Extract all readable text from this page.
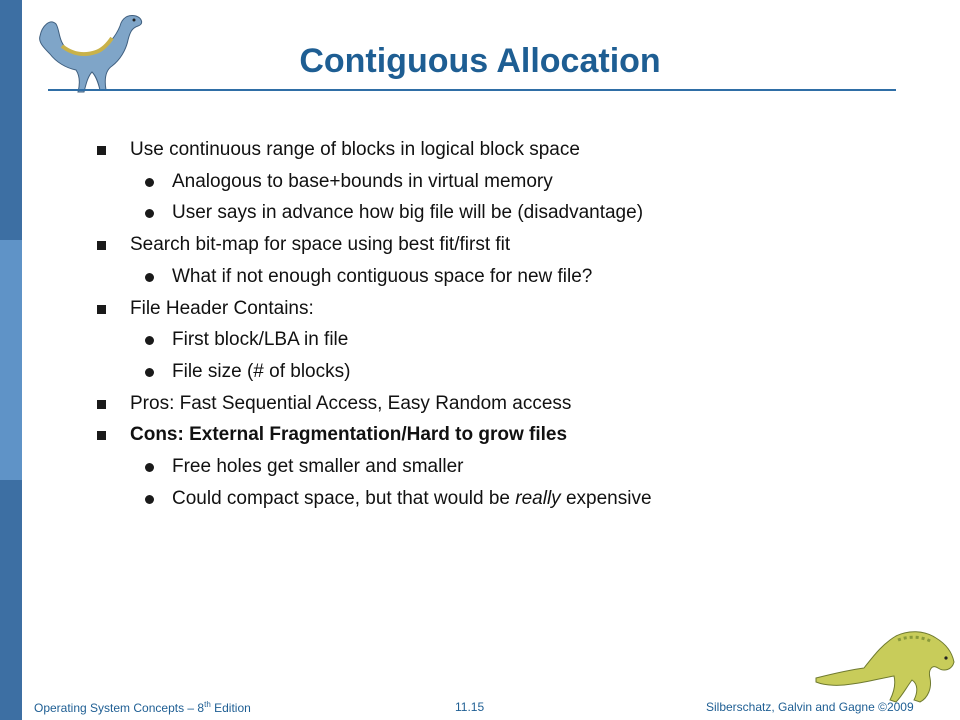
Contiguous Allocation
Use continuous range of blocks in logical block space
Analogous to base+bounds in virtual memory
User says in advance how big file will be (disadvantage)
Search bit-map for space using best fit/first fit
What if not enough contiguous space for new file?
File Header Contains:
First block/LBA in file
File size (# of blocks)
Pros: Fast Sequential Access, Easy Random access
Cons: External Fragmentation/Hard to grow files
Free holes get smaller and smaller
Could compact space, but that would be really expensive
Operating System Concepts – 8th Edition	11.15	Silberschatz, Galvin and Gagne ©2009
